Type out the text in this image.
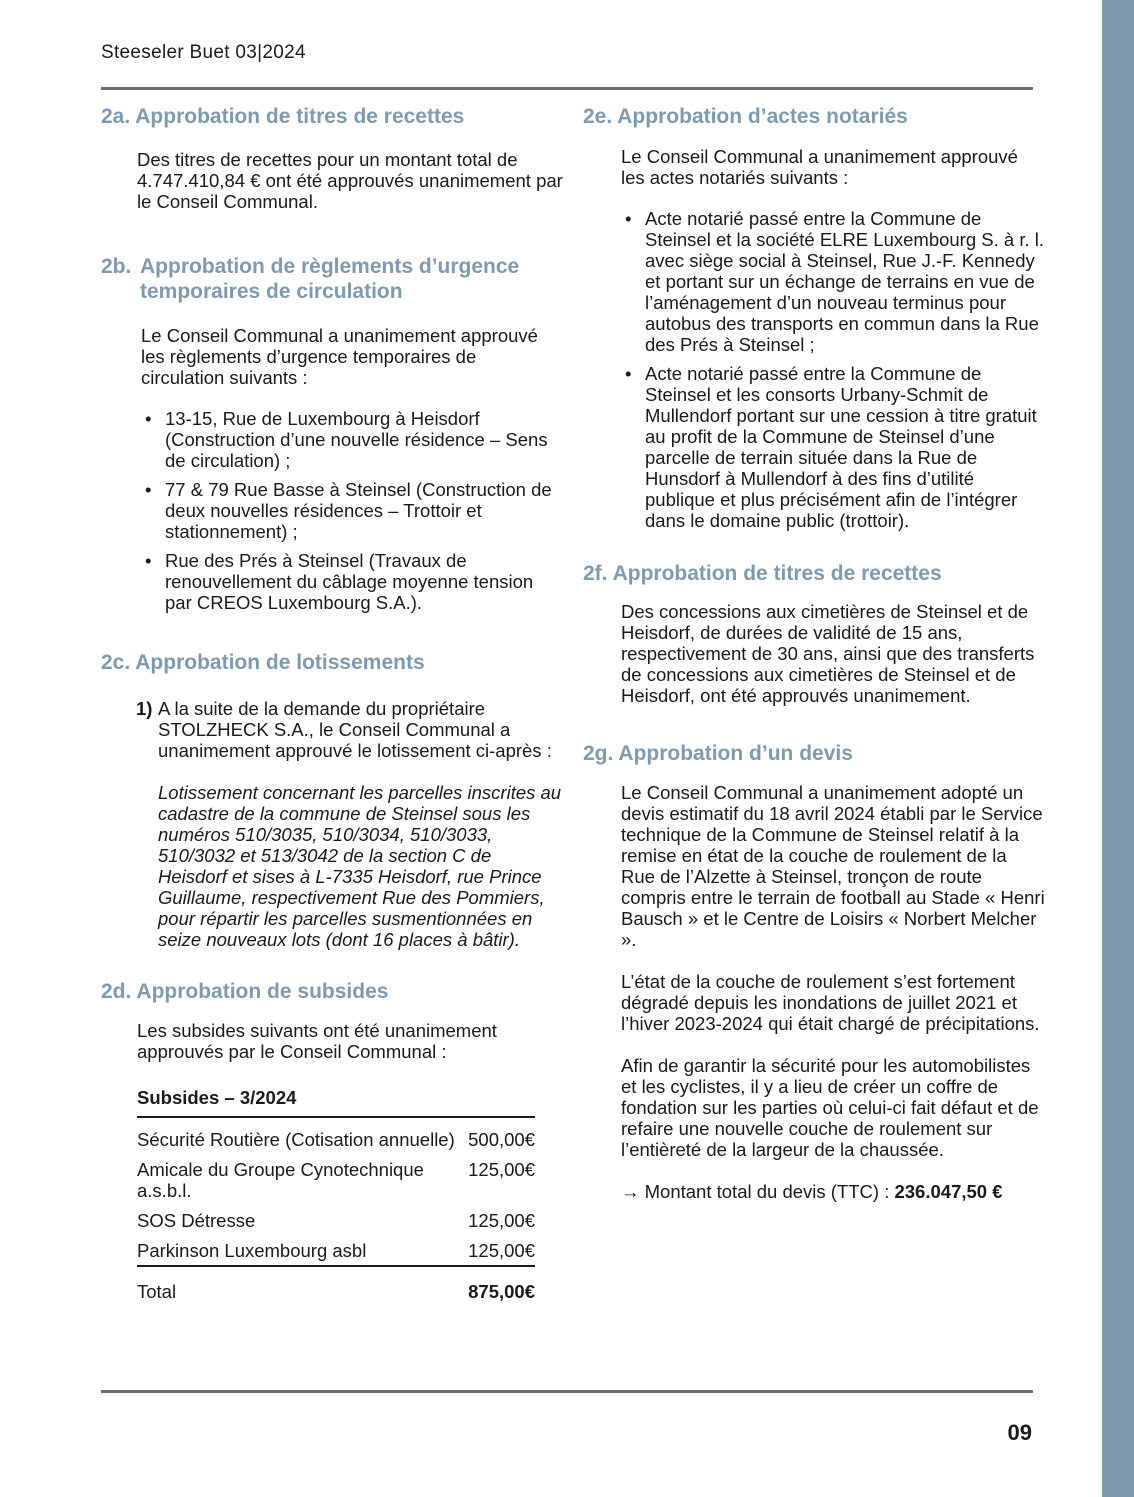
Steeseler Buet 03|2024
2a. Approbation de titres de recettes

Des titres de recettes pour un montant total de 4.747.410,84 € ont été approuvés unanimement par le Conseil Communal.

2b. Approbation de règlements d’urgence temporaires de circulation

Le Conseil Communal a unanimement approuvé les règlements d’urgence temporaires de circulation suivants :

• 13-15, Rue de Luxembourg à Heisdorf (Construction d’une nouvelle résidence – Sens de circulation) ;
• 77 & 79 Rue Basse à Steinsel (Construction de deux nouvelles résidences – Trottoir et stationnement) ;
• Rue des Prés à Steinsel (Travaux de renouvellement du câblage moyenne tension par CREOS Luxembourg S.A.).
2c. Approbation de lotissements
1) A la suite de la demande du propriétaire STOLZHECK S.A., le Conseil Communal a unanimement approuvé le lotissement ci-après :

Lotissement concernant les parcelles inscrites au cadastre de la commune de Steinsel sous les numéros 510/3035, 510/3034, 510/3033, 510/3032 et 513/3042 de la section C de Heisdorf et sises à L-7335 Heisdorf, rue Prince Guillaume, respectivement Rue des Pommiers, pour répartir les parcelles susmentionnées en seize nouveaux lots (dont 16 places à bâtir).

2d. Approbation de subsides

Les subsides suivants ont été unanimement approuvés par le Conseil Communal :

Subsides – 3/2024
Sécurité Routière (Cotisation annuelle)	500,00€
Amicale du Groupe Cynotechnique a.s.b.l.	125,00€
SOS Détresse	125,00€
Parkinson Luxembourg asbl	125,00€
Total	875,00€
2e. Approbation d’actes notariés

Le Conseil Communal a unanimement approuvé les actes notariés suivants :

• Acte notarié passé entre la Commune de Steinsel et la société ELRE Luxembourg S. à r. l. avec siège social à Steinsel, Rue J.-F. Kennedy et portant sur un échange de terrains en vue de l’aménagement d’un nouveau terminus pour autobus des transports en commun dans la Rue des Prés à Steinsel ;
• Acte notarié passé entre la Commune de Steinsel et les consorts Urbany-Schmit de Mullendorf portant sur une cession à titre gratuit au profit de la Commune de Steinsel d’une parcelle de terrain située dans la Rue de Hunsdorf à Mullendorf à des fins d’utilité publique et plus précisément afin de l’intégrer dans le domaine public (trottoir).
2f. Approbation de titres de recettes

Des concessions aux cimetières de Steinsel et de Heisdorf, de durées de validité de 15 ans, respectivement de 30 ans, ainsi que des transferts de concessions aux cimetières de Steinsel et de Heisdorf, ont été approuvés unanimement.

2g. Approbation d’un devis

Le Conseil Communal a unanimement adopté un devis estimatif du 18 avril 2024 établi par le Service technique de la Commune de Steinsel relatif à la remise en état de la couche de roulement de la Rue de l’Alzette à Steinsel, tronçon de route compris entre le terrain de football au Stade « Henri Bausch » et le Centre de Loisirs « Norbert Melcher ».

L’état de la couche de roulement s’est fortement dégradé depuis les inondations de juillet 2021 et l’hiver 2023-2024 qui était chargé de précipitations.

Afin de garantir la sécurité pour les automobilistes et les cyclistes, il y a lieu de créer un coffre de fondation sur les parties où celui-ci fait défaut et de refaire une nouvelle couche de roulement sur l’entièreté de la largeur de la chaussée.

→ Montant total du devis (TTC) : 236.047,50 €

09
